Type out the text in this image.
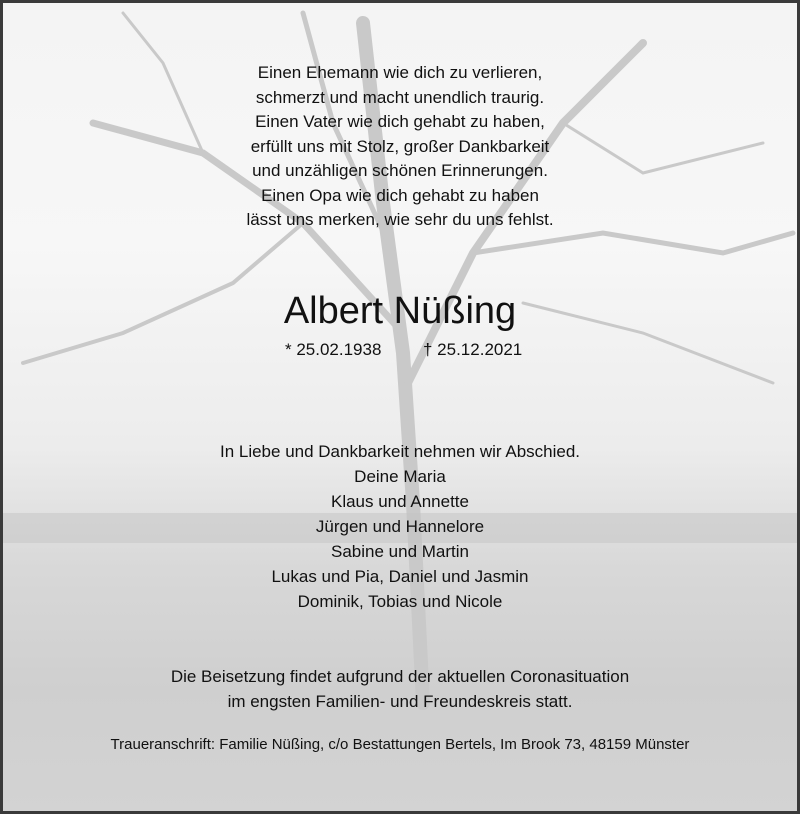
Einen Ehemann wie dich zu verlieren,
schmerzt und macht unendlich traurig.
Einen Vater wie dich gehabt zu haben,
erfüllt uns mit Stolz, großer Dankbarkeit
und unzähligen schönen Erinnerungen.
Einen Opa wie dich gehabt zu haben
lässt uns merken, wie sehr du uns fehlst.
Albert Nüßing
* 25.02.1938 † 25.12.2021
In Liebe und Dankbarkeit nehmen wir Abschied.
Deine Maria
Klaus und Annette
Jürgen und Hannelore
Sabine und Martin
Lukas und Pia, Daniel und Jasmin
Dominik, Tobias und Nicole
Die Beisetzung findet aufgrund der aktuellen Coronasituation
im engsten Familien- und Freundeskreis statt.
Traueranschrift: Familie Nüßing, c/o Bestattungen Bertels, Im Brook 73, 48159 Münster
